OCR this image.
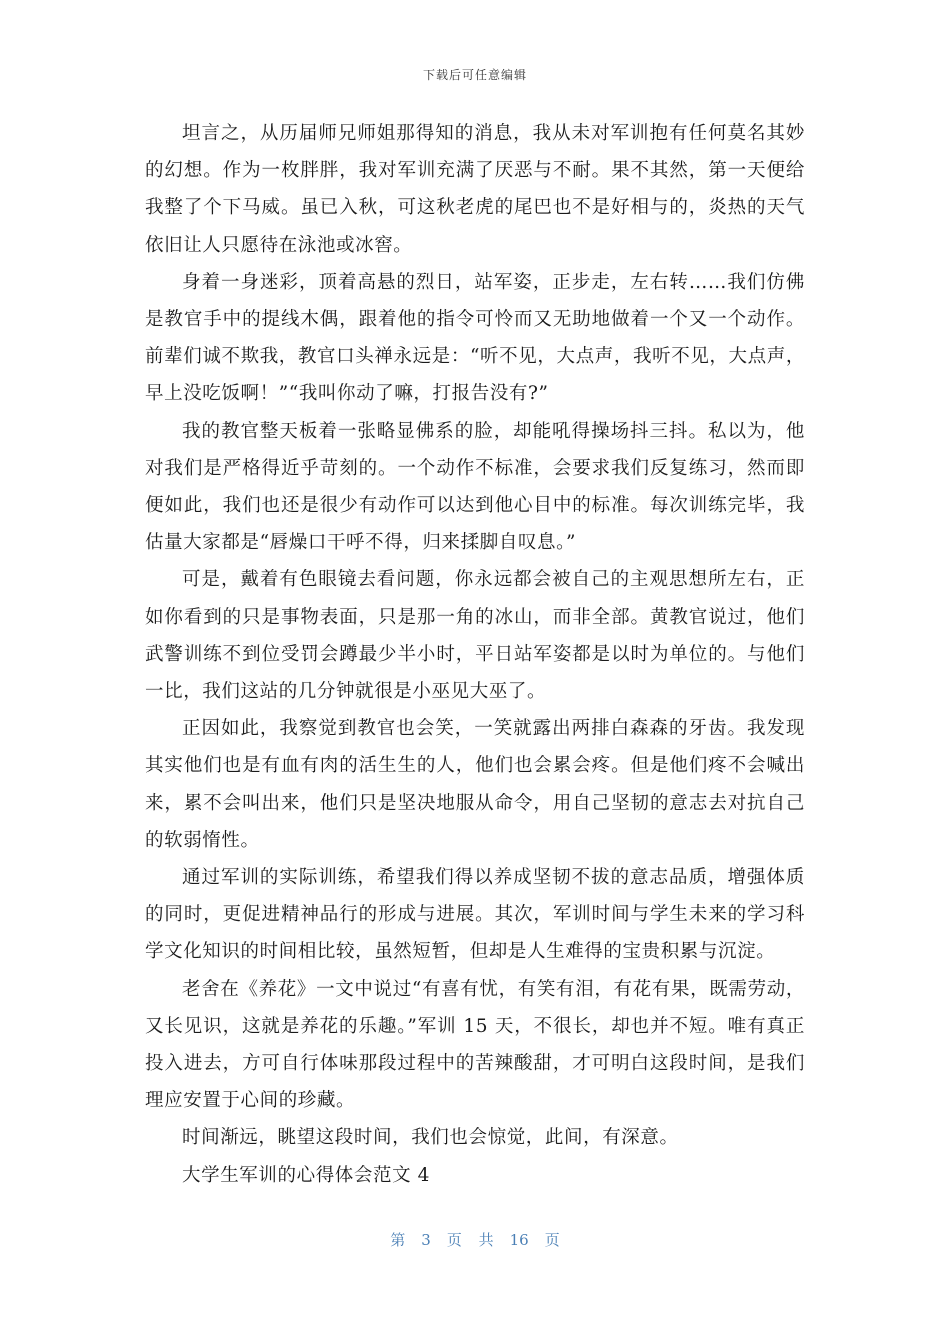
下载后可任意编辑

坦言之，从历届师兄师姐那得知的消息，我从未对军训抱有任何莫名其妙的幻想。作为一枚胖胖，我对军训充满了厌恶与不耐。果不其然，第一天便给我整了个下马威。虽已入秋，可这秋老虎的尾巴也不是好相与的，炎热的天气依旧让人只愿待在泳池或冰窖。

身着一身迷彩，顶着高悬的烈日，站军姿，正步走，左右转……我们仿佛是教官手中的提线木偶，跟着他的指令可怜而又无助地做着一个又一个动作。前辈们诚不欺我，教官口头禅永远是：“听不见，大点声，我听不见，大点声，早上没吃饭啊！”“我叫你动了嘛，打报告没有?”

我的教官整天板着一张略显佛系的脸，却能吼得操场抖三抖。私以为，他对我们是严格得近乎苛刻的。一个动作不标准，会要求我们反复练习，然而即便如此，我们也还是很少有动作可以达到他心目中的标准。每次训练完毕，我估量大家都是“唇燥口干呼不得，归来揉脚自叹息。”

可是，戴着有色眼镜去看问题，你永远都会被自己的主观思想所左右，正如你看到的只是事物表面，只是那一角的冰山，而非全部。黄教官说过，他们武警训练不到位受罚会蹲最少半小时，平日站军姿都是以时为单位的。与他们一比，我们这站的几分钟就很是小巫见大巫了。

正因如此，我察觉到教官也会笑，一笑就露出两排白森森的牙齿。我发现其实他们也是有血有肉的活生生的人，他们也会累会疼。但是他们疼不会喊出来，累不会叫出来，他们只是坚决地服从命令，用自己坚韧的意志去对抗自己的软弱惰性。

通过军训的实际训练，希望我们得以养成坚韧不拔的意志品质，增强体质的同时，更促进精神品行的形成与进展。其次，军训时间与学生未来的学习科学文化知识的时间相比较，虽然短暂，但却是人生难得的宝贵积累与沉淀。

老舍在《养花》一文中说过“有喜有忧，有笑有泪，有花有果，既需劳动，又长见识，这就是养花的乐趣。”军训 15 天，不很长，却也并不短。唯有真正投入进去，方可自行体味那段过程中的苦辣酸甜，才可明白这段时间，是我们理应安置于心间的珍藏。

时间渐远，眺望这段时间，我们也会惊觉，此间，有深意。

大学生军训的心得体会范文 4

第 3 页 共 16 页
